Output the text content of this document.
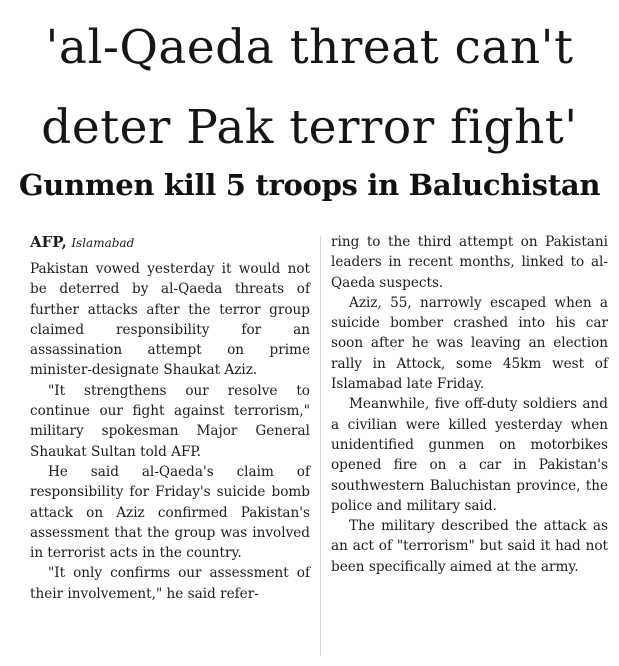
'al-Qaeda threat can't
deter Pak terror fight'
Gunmen kill 5 troops in Baluchistan
AFP, Islamabad

Pakistan vowed yesterday it would not be deterred by al-Qaeda threats of further attacks after the terror group claimed responsibility for an assassination attempt on prime minister-designate Shaukat Aziz.

"It strengthens our resolve to continue our fight against terrorism," military spokesman Major General Shaukat Sultan told AFP.

He said al-Qaeda's claim of responsibility for Friday's suicide bomb attack on Aziz confirmed Pakistan's assessment that the group was involved in terrorist acts in the country.

"It only confirms our assessment of their involvement," he said refer-

ring to the third attempt on Pakistani leaders in recent months, linked to al-Qaeda suspects.

Aziz, 55, narrowly escaped when a suicide bomber crashed into his car soon after he was leaving an election rally in Attock, some 45km west of Islamabad late Friday.

Meanwhile, five off-duty soldiers and a civilian were killed yesterday when unidentified gunmen on motorbikes opened fire on a car in Pakistan's southwestern Baluchistan province, the police and military said.

The military described the attack as an act of "terrorism" but said it had not been specifically aimed at the army.
